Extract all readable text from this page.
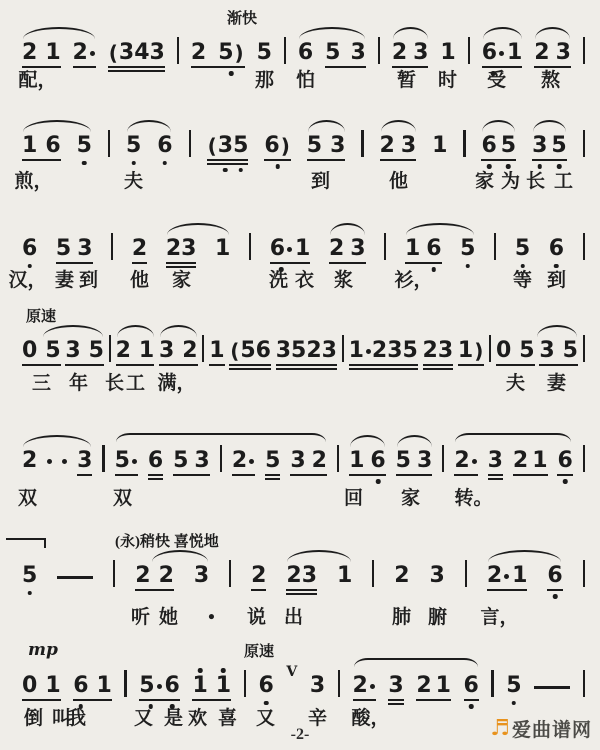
2 1 2 ( 3 4 3 2 5 ) 5 6 5 3 2 3 1 6 1 2 3
配，	那 怕	暂 时 受 熬
渐快
1 6 5 5 6 ( 3 5 6 ) 5 3 2 3 1 6 5 3 5
煎，	夫	到	他	家 为 长 工
6 5 3 2 2 3 1 6 1 2 3 1 6 5 5 6
汉， 妻 到 他 家	洗 衣 浆 衫，	等 到
0 5 3 5 2 1 3 2 1 ( 5 6 3 5 2 3 1 2 3 5 2 3 1 ) 0 5 3 5
三 年 长 工 满，	夫 妻
原速
2 3 5 6 5 3 2 5 3 2 1 6 5 3 2 3 2 1 6
双	双	回 家 转。
5	2 2 3 2 2 3 1 2 3 2 1 6
听 她 • 说 出	肺 腑 言，
(永)稍快 喜悦地
0 1 6 1 5 6 1 1 6
V
3 2 3 2 1 6 5
倒 叫
我	又 是 欢 喜 又 辛 酸，
mp	原速
-2-	♬ 爱曲谱网
